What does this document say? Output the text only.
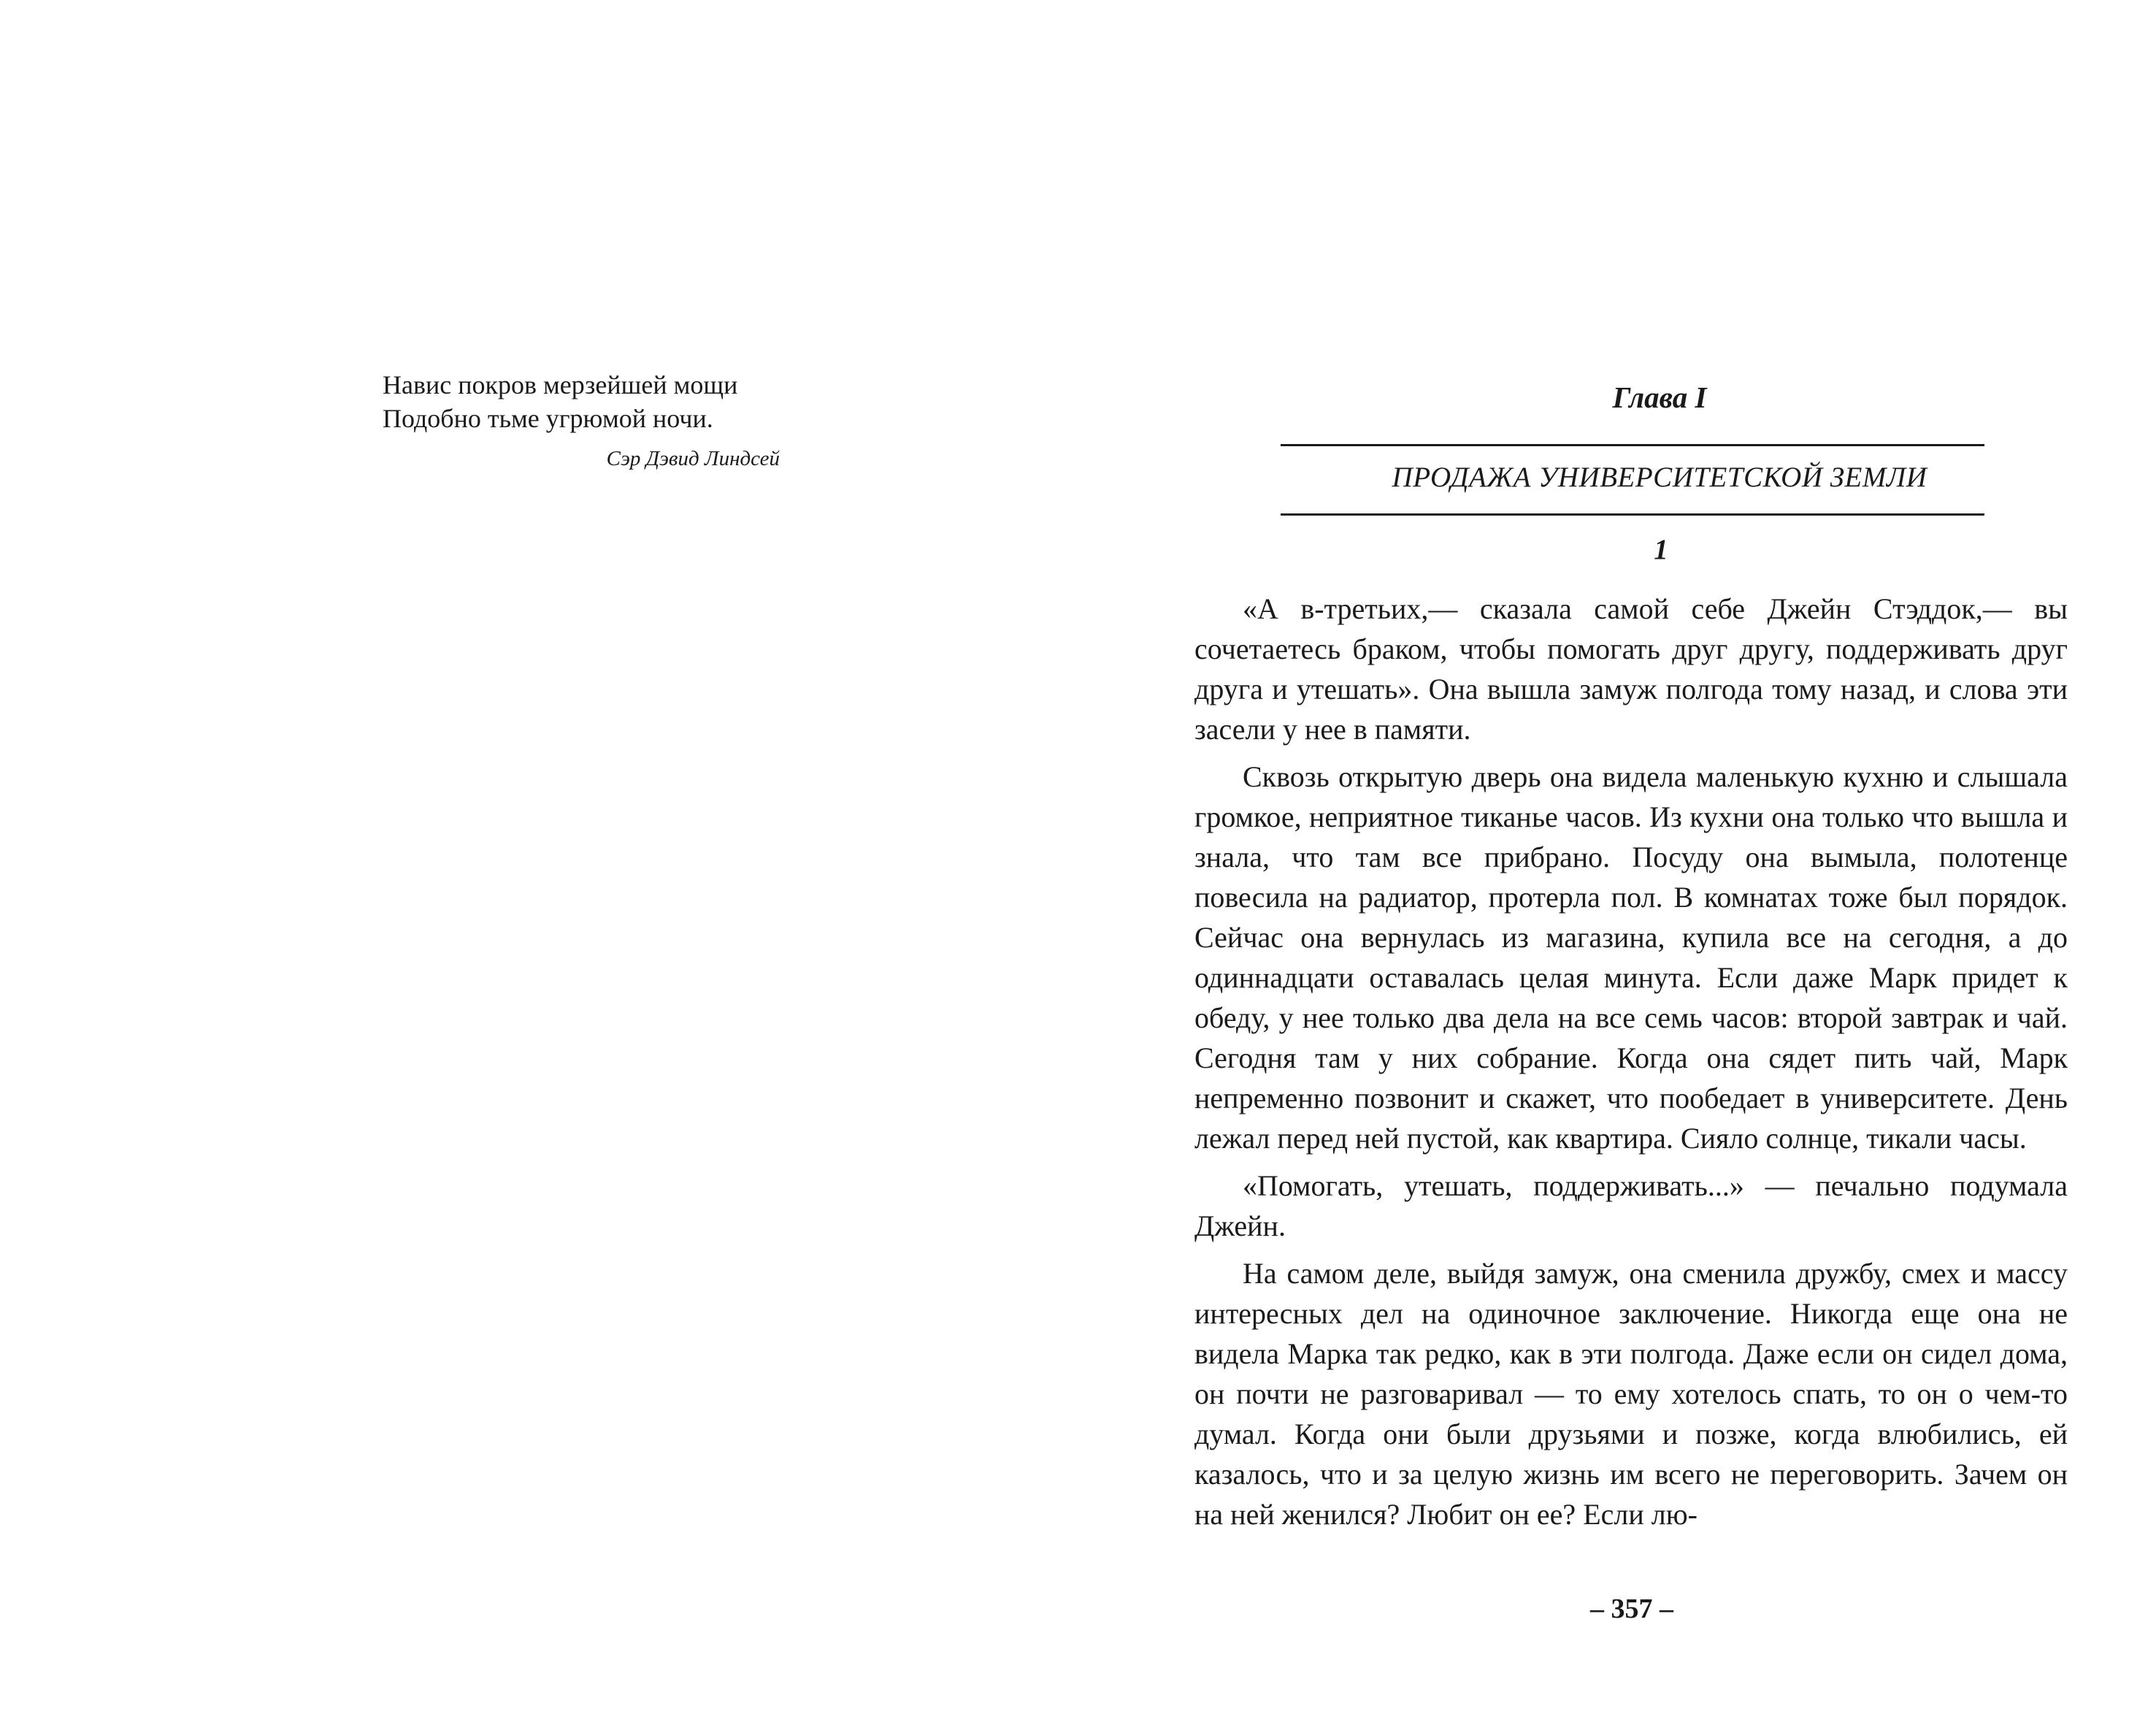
Навис покров мерзейшей мощи
Подобно тьме угрюмой ночи.
Сэр Дэвид Линдсей
Глава I
ПРОДАЖА УНИВЕРСИТЕТСКОЙ ЗЕМЛИ
1

«А в-третьих,— сказала самой себе Джейн Стэддок,— вы сочетаетесь браком, чтобы помогать друг другу, поддерживать друг друга и утешать». Она вышла замуж полгода тому назад, и слова эти засели у нее в памяти.

Сквозь открытую дверь она видела маленькую кухню и слышала громкое, неприятное тиканье часов. Из кухни она только что вышла и знала, что там все прибрано. Посуду она вымыла, полотенце повесила на радиатор, протерла пол. В комнатах тоже был порядок. Сейчас она вернулась из магазина, купила все на сегодня, а до одиннадцати оставалась целая минута. Если даже Марк придет к обеду, у нее только два дела на все семь часов: второй завтрак и чай. Сегодня там у них собрание. Когда она сядет пить чай, Марк непременно позвонит и скажет, что пообедает в университете. День лежал перед ней пустой, как квартира. Сияло солнце, тикали часы.

«Помогать, утешать, поддерживать...» — печально подумала Джейн.

На самом деле, выйдя замуж, она сменила дружбу, смех и массу интересных дел на одиночное заключение. Никогда еще она не видела Марка так редко, как в эти полгода. Даже если он сидел дома, он почти не разговаривал — то ему хотелось спать, то он о чем-то думал. Когда они были друзьями и позже, когда влюбились, ей казалось, что и за целую жизнь им всего не переговорить. Зачем он на ней женился? Любит он ее? Если лю-

– 357 –
